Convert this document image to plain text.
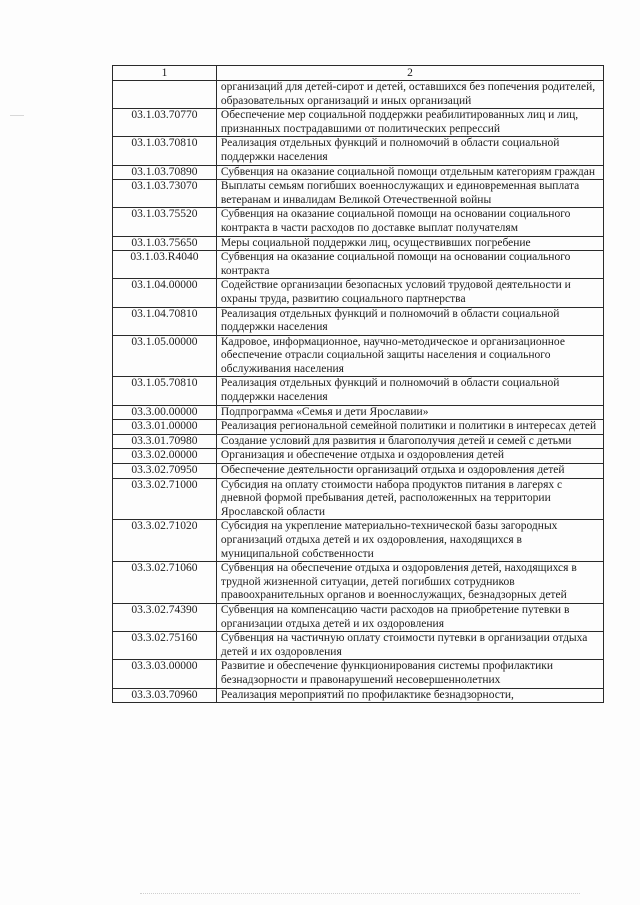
1	2
	организаций для детей-сирот и детей, оставшихся без попечения родителей, образовательных организаций и иных организаций
03.1.03.70770	Обеспечение мер социальной поддержки реабилитированных лиц и лиц, признанных пострадавшими от политических репрессий
03.1.03.70810	Реализация отдельных функций и полномочий в области социальной поддержки населения
03.1.03.70890	Субвенция на оказание социальной помощи отдельным категориям граждан
03.1.03.73070	Выплаты семьям погибших военнослужащих и единовременная выплата ветеранам и инвалидам Великой Отечественной войны
03.1.03.75520	Субвенция на оказание социальной помощи на основании социального контракта в части расходов по доставке выплат получателям
03.1.03.75650	Меры социальной поддержки лиц, осуществивших погребение
03.1.03.R4040	Субвенция на оказание социальной помощи на основании социального контракта
03.1.04.00000	Содействие организации безопасных условий трудовой деятельности и охраны труда, развитию социального партнерства
03.1.04.70810	Реализация отдельных функций и полномочий в области социальной поддержки населения
03.1.05.00000	Кадровое, информационное, научно-методическое и организационное обеспечение отрасли социальной защиты населения и социального обслуживания населения
03.1.05.70810	Реализация отдельных функций и полномочий в области социальной поддержки населения
03.3.00.00000	Подпрограмма «Семья и дети Ярославии»
03.3.01.00000	Реализация региональной семейной политики и политики в интересах детей
03.3.01.70980	Создание условий для развития и благополучия детей и семей с детьми
03.3.02.00000	Организация и обеспечение отдыха и оздоровления детей
03.3.02.70950	Обеспечение деятельности организаций отдыха и оздоровления детей
03.3.02.71000	Субсидия на оплату стоимости набора продуктов питания в лагерях с дневной формой пребывания детей, расположенных на территории Ярославской области
03.3.02.71020	Субсидия на укрепление материально-технической базы загородных организаций отдыха детей и их оздоровления, находящихся в муниципальной собственности
03.3.02.71060	Субвенция на обеспечение отдыха и оздоровления детей, находящихся в трудной жизненной ситуации, детей погибших сотрудников правоохранительных органов и военнослужащих, безнадзорных детей
03.3.02.74390	Субвенция на компенсацию части расходов на приобретение путевки в организации отдыха детей и их оздоровления
03.3.02.75160	Субвенция на частичную оплату стоимости путевки в организации отдыха детей и их оздоровления
03.3.03.00000	Развитие и обеспечение функционирования системы профилактики безнадзорности и правонарушений несовершеннолетних
03.3.03.70960	Реализация мероприятий по профилактике безнадзорности,
